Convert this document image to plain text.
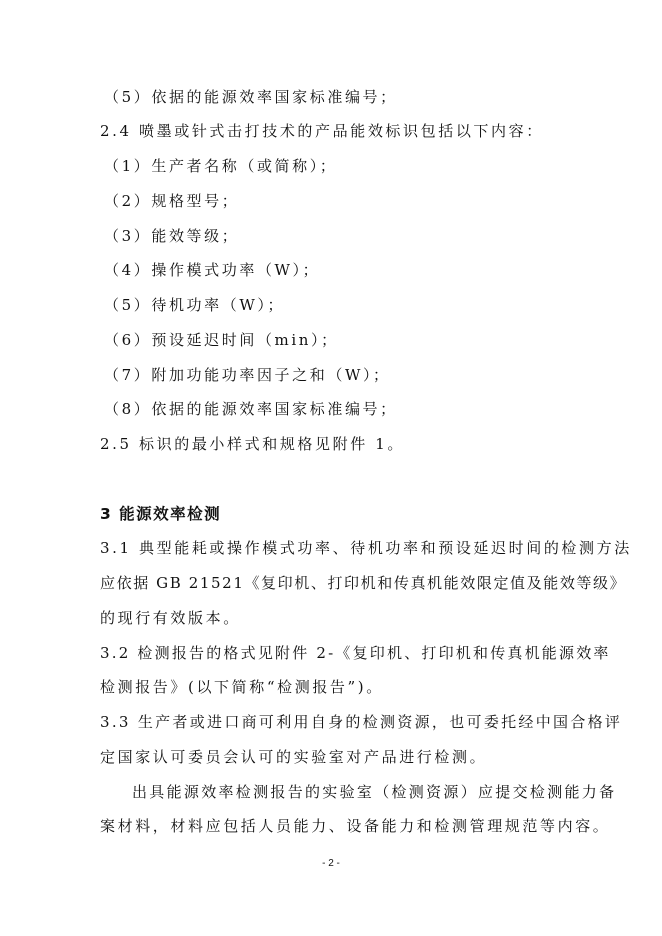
（5）依据的能源效率国家标准编号；
2.4 喷墨或针式击打技术的产品能效标识包括以下内容：
（1）生产者名称（或简称）；
（2）规格型号；
（3）能效等级；
（4）操作模式功率（W）；
（5）待机功率（W）；
（6）预设延迟时间（min）；
（7）附加功能功率因子之和（W）；
（8）依据的能源效率国家标准编号；
2.5 标识的最小样式和规格见附件 1。
3 能源效率检测
3.1 典型能耗或操作模式功率、待机功率和预设延迟时间的检测方法
应依据 GB 21521《复印机、打印机和传真机能效限定值及能效等级》
的现行有效版本。
3.2 检测报告的格式见附件 2-《复印机、打印机和传真机能源效率
检测报告》(以下简称“检测报告”)。
3.3 生产者或进口商可利用自身的检测资源，也可委托经中国合格评
定国家认可委员会认可的实验室对产品进行检测。
出具能源效率检测报告的实验室（检测资源）应提交检测能力备
案材料，材料应包括人员能力、设备能力和检测管理规范等内容。
- 2 -
